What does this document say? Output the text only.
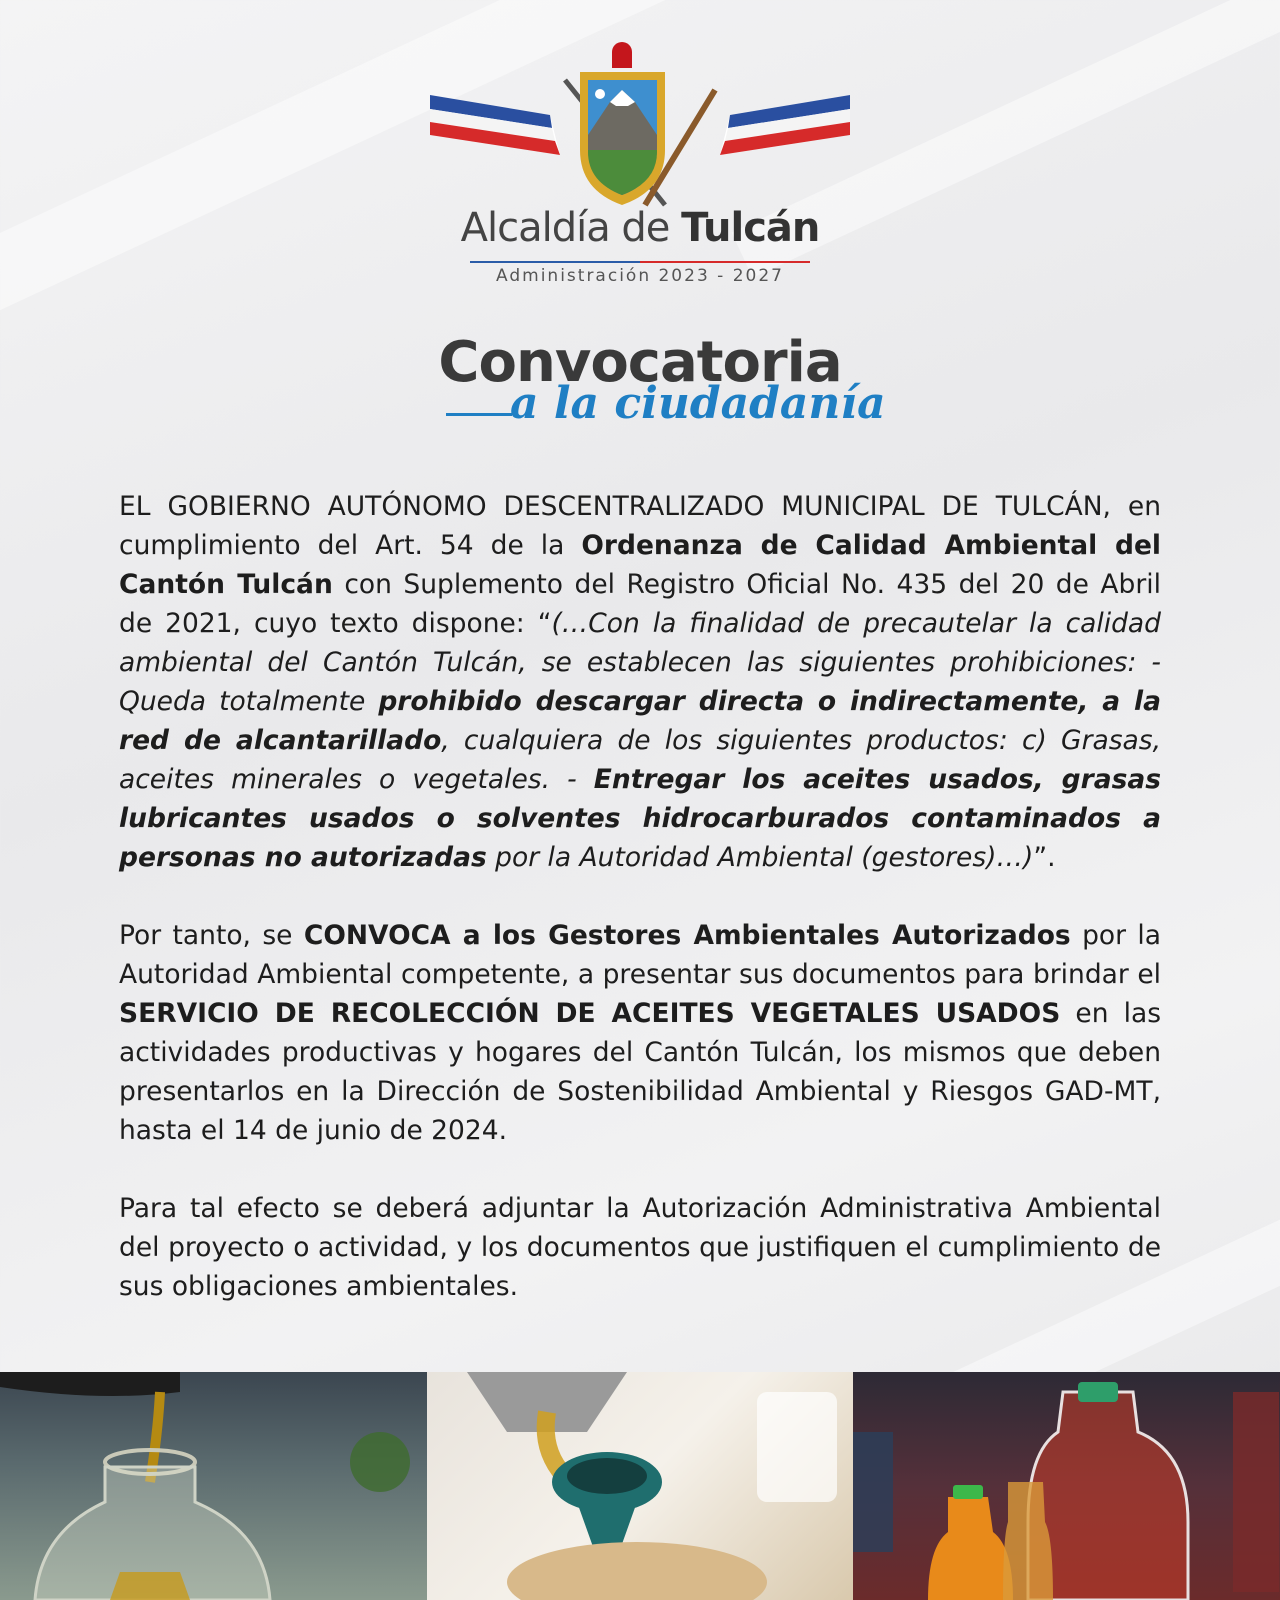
Alcaldía de Tulcán
Administración 2023 - 2027
Convocatoria
a la ciudadanía

EL GOBIERNO AUTÓNOMO DESCENTRALIZADO MUNICIPAL DE TULCÁN, en cumplimiento del Art. 54 de la Ordenanza de Calidad Ambiental del Cantón Tulcán con Suplemento del Registro Oficial No. 435 del 20 de Abril de 2021, cuyo texto dispone: “(…Con la finalidad de precautelar la calidad ambiental del Cantón Tulcán, se establecen las siguientes prohibiciones: - Queda totalmente prohibido descargar directa o indirectamente, a la red de alcantarillado, cualquiera de los siguientes productos: c) Grasas, aceites minerales o vegetales. - Entregar los aceites usados, grasas lubricantes usados o solventes hidrocarburados contaminados a personas no autorizadas por la Autoridad Ambiental (gestores)…)”.

Por tanto, se CONVOCA a los Gestores Ambientales Autorizados por la Autoridad Ambiental competente, a presentar sus documentos para brindar el SERVICIO DE RECOLECCIÓN DE ACEITES VEGETALES USADOS en las actividades productivas y hogares del Cantón Tulcán, los mismos que deben presentarlos en la Dirección de Sostenibilidad Ambiental y Riesgos GAD-MT, hasta el 14 de junio de 2024.

Para tal efecto se deberá adjuntar la Autorización Administrativa Ambiental del proyecto o actividad, y los documentos que justifiquen el cumplimiento de sus obligaciones ambientales.
